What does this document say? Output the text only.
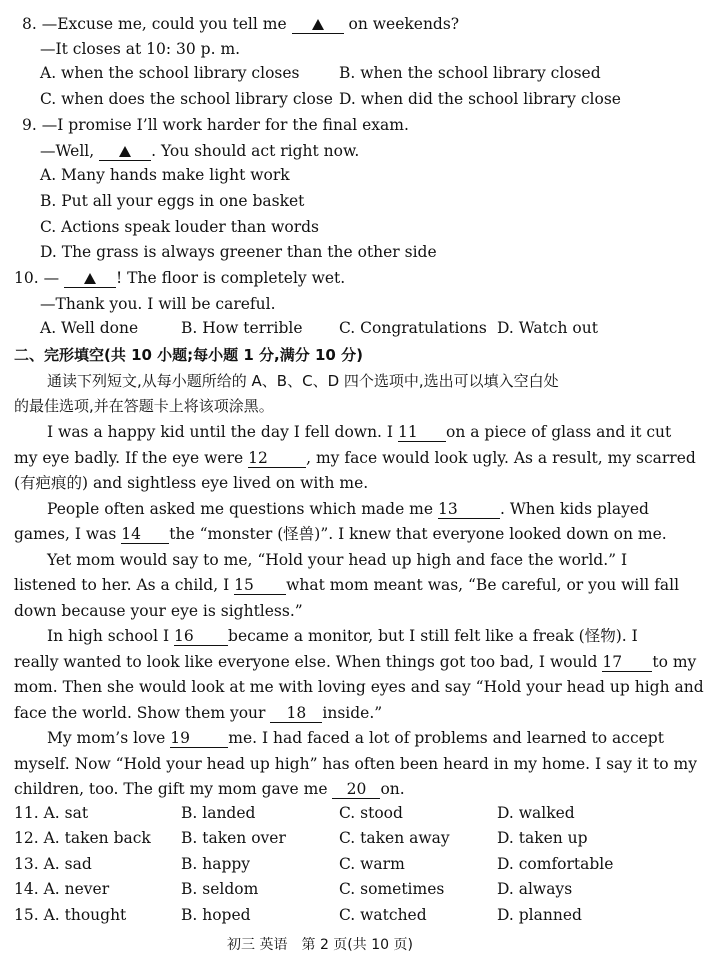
8. —Excuse me, could you tell me	on weekends?
—It closes at 10: 30 p. m.
A. when the school library closes	B. when the school library closed
C. when does the school library close D. when did the school library close
9. —I promise I’ll work harder for the final exam.
—Well,	. You should act right now.
A. Many hands make light work
B. Put all your eggs in one basket
C. Actions speak louder than words
D. The grass is always greener than the other side
10. —	! The floor is completely wet.
—Thank you. I will be careful.
A. Well done	B. How terrible C. Congratulations D. Watch out
二、完形填空(共 10 小题;每小题 1 分,满分 10 分)
通读下列短文,从每小题所给的 A、B、C、D 四个选项中,选出可以填入空白处
的最佳选项,并在答题卡上将该项涂黑。
I was a happy kid until the day I fell down. I 11 on a piece of glass and it cut
my eye badly. If the eye were 12 , my face would look ugly. As a result, my scarred
(有疤痕的) and sightless eye lived on with me.
People often asked me questions which made me 13	. When kids played
games, I was 14 the “monster (怪兽)”. I knew that everyone looked down on me.
Yet mom would say to me, “Hold your head up high and face the world.” I
listened to her. As a child, I 15 what mom meant was, “Be careful, or you will fall
down because your eye is sightless.”
In high school I 16 became a monitor, but I still felt like a freak (怪物). I
really wanted to look like everyone else. When things got too bad, I would 17 to my
mom. Then she would look at me with loving eyes and say “Hold your head up high and
face the world. Show them your 18 inside.”
My mom’s love 19 me. I had faced a lot of problems and learned to accept
myself. Now “Hold your head up high” has often been heard in my home. I say it to my
children, too. The gift my mom gave me 20 on.
11. A. sat	B. landed	C. stood	D. walked
12. A. taken back B. taken over	C. taken away	D. taken up
13. A. sad	B. happy	C. warm	D. comfortable
14. A. never	B. seldom	C. sometimes	D. always
15. A. thought	B. hoped	C. watched	D. planned
初三 英语　第 2 页(共 10 页)
